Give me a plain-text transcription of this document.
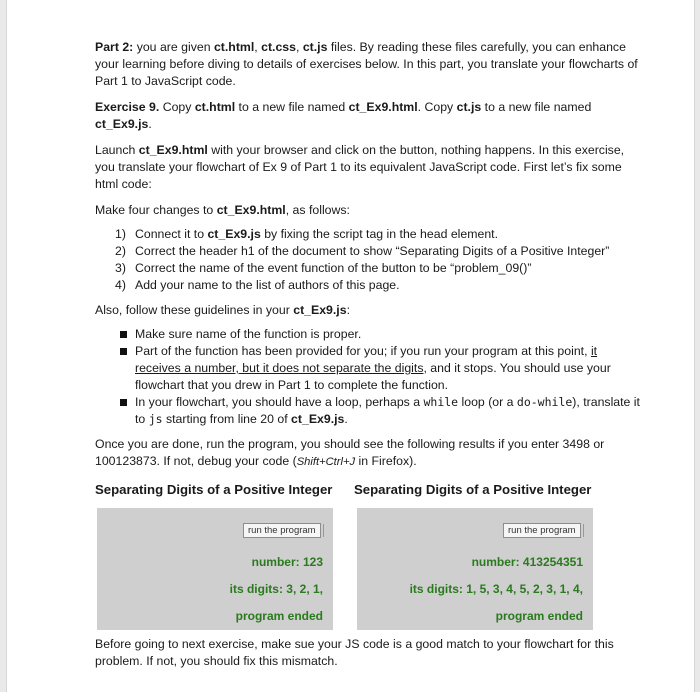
Part 2: you are given ct.html, ct.css, ct.js files. By reading these files carefully, you can enhance your learning before diving to details of exercises below. In this part, you translate your flowcharts of Part 1 to JavaScript code.

Exercise 9. Copy ct.html to a new file named ct_Ex9.html. Copy ct.js to a new file named ct_Ex9.js.

Launch ct_Ex9.html with your browser and click on the button, nothing happens. In this exercise, you translate your flowchart of Ex 9 of Part 1 to its equivalent JavaScript code. First let’s fix some html code:

Make four changes to ct_Ex9.html, as follows:

1) Connect it to ct_Ex9.js by fixing the script tag in the head element.
2) Correct the header h1 of the document to show “Separating Digits of a Positive Integer”
3) Correct the name of the event function of the button to be “problem_09()”
4) Add your name to the list of authors of this page.

Also, follow these guidelines in your ct_Ex9.js:

Make sure name of the function is proper.
Part of the function has been provided for you; if you run your program at this point, it receives a number, but it does not separate the digits, and it stops. You should use your flowchart that you drew in Part 1 to complete the function.
In your flowchart, you should have a loop, perhaps a while loop (or a do-while), translate it to js starting from line 20 of ct_Ex9.js.

Once you are done, run the program, you should see the following results if you enter 3498 or 100123873. If not, debug your code (Shift+Ctrl+J in Firefox).

Separating Digits of a Positive Integer
run the program
number: 123
its digits: 3, 2, 1,
program ended
Separating Digits of a Positive Integer
run the program
number: 413254351
its digits: 1, 5, 3, 4, 5, 2, 3, 1, 4,
program ended

Before going to next exercise, make sue your JS code is a good match to your flowchart for this problem. If not, you should fix this mismatch.
